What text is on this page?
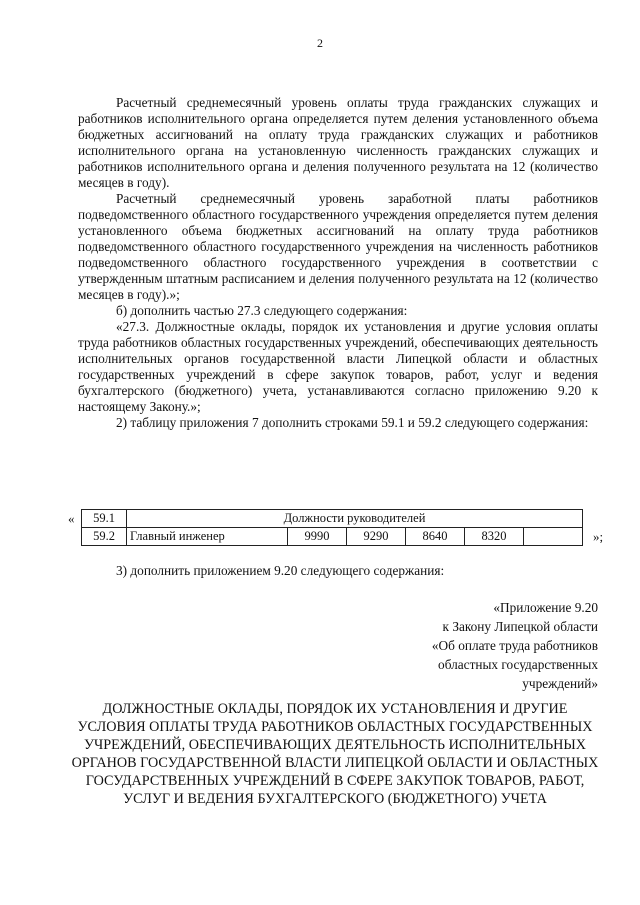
2

Расчетный среднемесячный уровень оплаты труда гражданских служащих и работников исполнительного органа определяется путем деления установленного объема бюджетных ассигнований на оплату труда гражданских служащих и работников исполнительного органа на установленную численность гражданских служащих и работников исполнительного органа и деления полученного результата на 12 (количество месяцев в году).

Расчетный среднемесячный уровень заработной платы работников подведомственного областного государственного учреждения определяется путем деления установленного объема бюджетных ассигнований на оплату труда работников подведомственного областного государственного учреждения на численность работников подведомственного областного государственного учреждения в соответствии с утвержденным штатным расписанием и деления полученного результата на 12 (количество месяцев в году).»;

б) дополнить частью 27.3 следующего содержания:

«27.3. Должностные оклады, порядок их установления и другие условия оплаты труда работников областных государственных учреждений, обеспечивающих деятельность исполнительных органов государственной власти Липецкой области и областных государственных учреждений в сфере закупок товаров, работ, услуг и ведения бухгалтерского (бюджетного) учета, устанавливаются согласно приложению 9.20 к настоящему Закону.»;

2) таблицу приложения 7 дополнить строками 59.1 и 59.2 следующего содержания:

« 59.1	Должности руководителей					
59.2	Главный инженер	9990	9290	8640	8320		»;
3) дополнить приложением 9.20 следующего содержания:
«Приложение 9.20
к Закону Липецкой области
«Об оплате труда работников
областных государственных
учреждений»
ДОЛЖНОСТНЫЕ ОКЛАДЫ, ПОРЯДОК ИХ УСТАНОВЛЕНИЯ И ДРУГИЕ УСЛОВИЯ ОПЛАТЫ ТРУДА РАБОТНИКОВ ОБЛАСТНЫХ ГОСУДАРСТВЕННЫХ УЧРЕЖДЕНИЙ, ОБЕСПЕЧИВАЮЩИХ ДЕЯТЕЛЬНОСТЬ ИСПОЛНИТЕЛЬНЫХ ОРГАНОВ ГОСУДАРСТВЕННОЙ ВЛАСТИ ЛИПЕЦКОЙ ОБЛАСТИ И ОБЛАСТНЫХ ГОСУДАРСТВЕННЫХ УЧРЕЖДЕНИЙ В СФЕРЕ ЗАКУПОК ТОВАРОВ, РАБОТ, УСЛУГ И ВЕДЕНИЯ БУХГАЛТЕРСКОГО (БЮДЖЕТНОГО) УЧЕТА
